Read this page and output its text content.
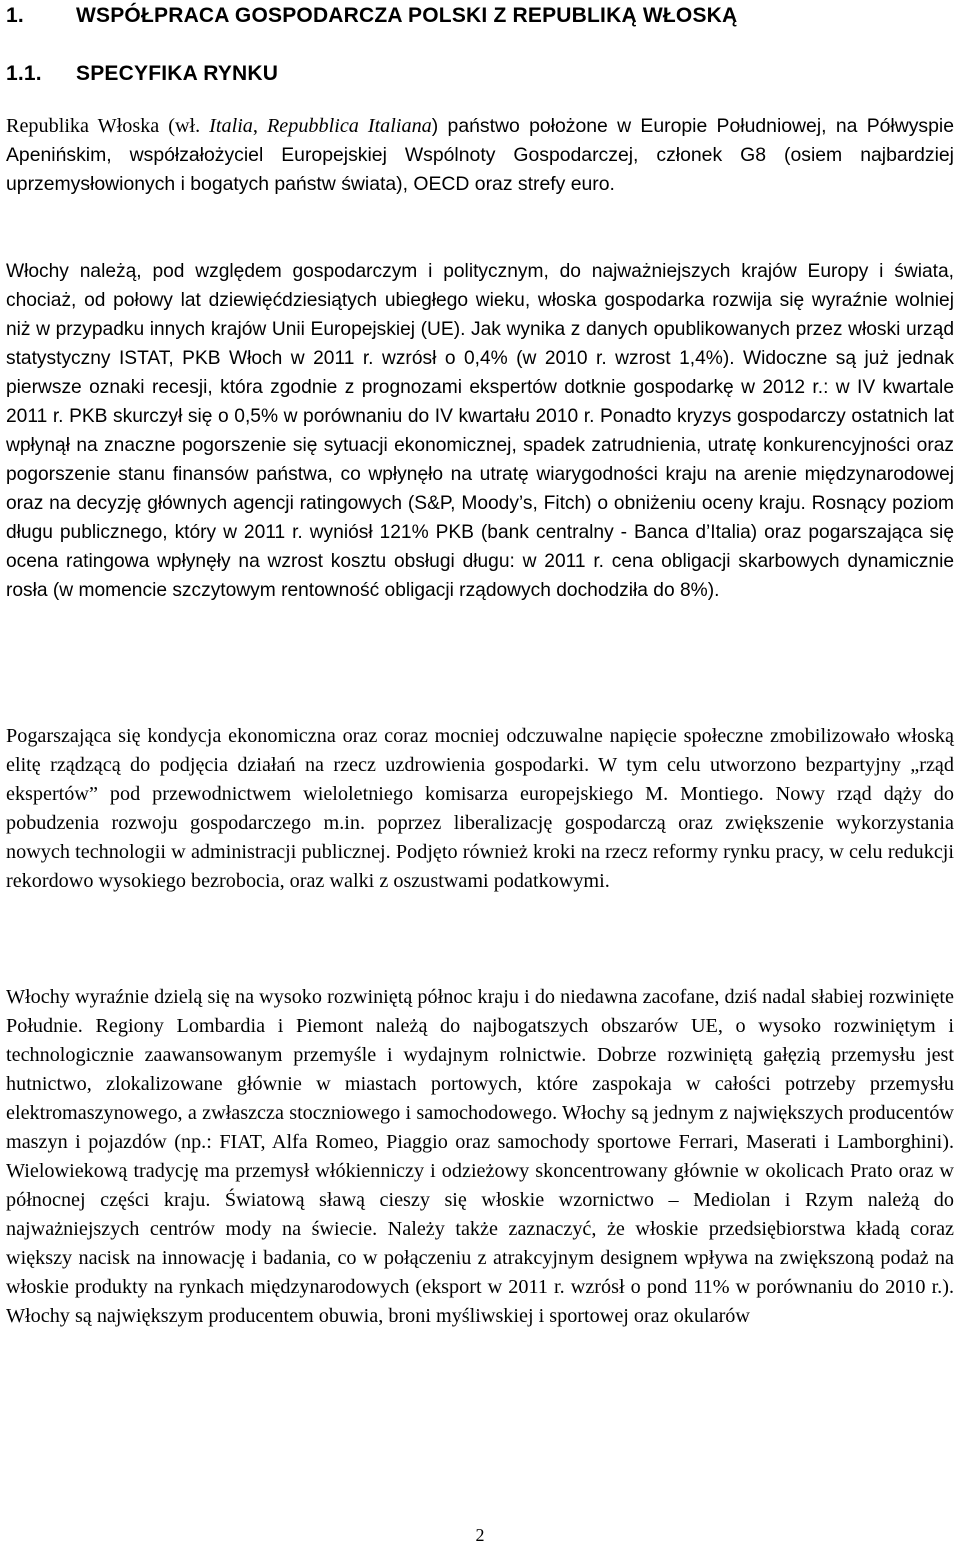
1. WSPÓŁPRACA GOSPODARCZA POLSKI Z REPUBLIKĄ WŁOSKĄ
1.1. SPECYFIKA RYNKU

Republika Włoska (wł. Italia, Repubblica Italiana) państwo położone w Europie Południowej, na Półwyspie Apenińskim, współzałożyciel Europejskiej Wspólnoty Gospodarczej, członek G8 (osiem najbardziej uprzemysłowionych i bogatych państw świata), OECD oraz strefy euro.

Włochy należą, pod względem gospodarczym i politycznym, do najważniejszych krajów Europy i świata, chociaż, od połowy lat dziewięćdziesiątych ubiegłego wieku, włoska gospodarka rozwija się wyraźnie wolniej niż w przypadku innych krajów Unii Europejskiej (UE). Jak wynika z danych opublikowanych przez włoski urząd statystyczny ISTAT, PKB Włoch w 2011 r. wzrósł o 0,4% (w 2010 r. wzrost 1,4%). Widoczne są już jednak pierwsze oznaki recesji, która zgodnie z prognozami ekspertów dotknie gospodarkę w 2012 r.: w IV kwartale 2011 r. PKB skurczył się o 0,5% w porównaniu do IV kwartału 2010 r. Ponadto kryzys gospodarczy ostatnich lat wpłynął na znaczne pogorszenie się sytuacji ekonomicznej, spadek zatrudnienia, utratę konkurencyjności oraz pogorszenie stanu finansów państwa, co wpłynęło na utratę wiarygodności kraju na arenie międzynarodowej oraz na decyzję głównych agencji ratingowych (S&P, Moody’s, Fitch) o obniżeniu oceny kraju. Rosnący poziom długu publicznego, który w 2011 r. wyniósł 121% PKB (bank centralny - Banca d’Italia) oraz pogarszająca się ocena ratingowa wpłynęły na wzrost kosztu obsługi długu: w 2011 r. cena obligacji skarbowych dynamicznie rosła (w momencie szczytowym rentowność obligacji rządowych dochodziła do 8%).

Pogarszająca się kondycja ekonomiczna oraz coraz mocniej odczuwalne napięcie społeczne zmobilizowało włoską elitę rządzącą do podjęcia działań na rzecz uzdrowienia gospodarki. W tym celu utworzono bezpartyjny „rząd ekspertów” pod przewodnictwem wieloletniego komisarza europejskiego M. Montiego. Nowy rząd dąży do pobudzenia rozwoju gospodarczego m.in. poprzez liberalizację gospodarczą oraz zwiększenie wykorzystania nowych technologii w administracji publicznej. Podjęto również kroki na rzecz reformy rynku pracy, w celu redukcji rekordowo wysokiego bezrobocia, oraz walki z oszustwami podatkowymi.

Włochy wyraźnie dzielą się na wysoko rozwiniętą północ kraju i do niedawna zacofane, dziś nadal słabiej rozwinięte Południe. Regiony Lombardia i Piemont należą do najbogatszych obszarów UE, o wysoko rozwiniętym i technologicznie zaawansowanym przemyśle i wydajnym rolnictwie. Dobrze rozwiniętą gałęzią przemysłu jest hutnictwo, zlokalizowane głównie w miastach portowych, które zaspokaja w całości potrzeby przemysłu elektromaszynowego, a zwłaszcza stoczniowego i samochodowego. Włochy są jednym z największych producentów maszyn i pojazdów (np.: FIAT, Alfa Romeo, Piaggio oraz samochody sportowe Ferrari, Maserati i Lamborghini). Wielowiekową tradycję ma przemysł włókienniczy i odzieżowy skoncentrowany głównie w okolicach Prato oraz w północnej części kraju. Światową sławą cieszy się włoskie wzornictwo – Mediolan i Rzym należą do najważniejszych centrów mody na świecie. Należy także zaznaczyć, że włoskie przedsiębiorstwa kładą coraz większy nacisk na innowację i badania, co w połączeniu z atrakcyjnym designem wpływa na zwiększoną podaż na włoskie produkty na rynkach międzynarodowych (eksport w 2011 r. wzrósł o pond 11% w porównaniu do 2010 r.). Włochy są największym producentem obuwia, broni myśliwskiej i sportowej oraz okularów

2
